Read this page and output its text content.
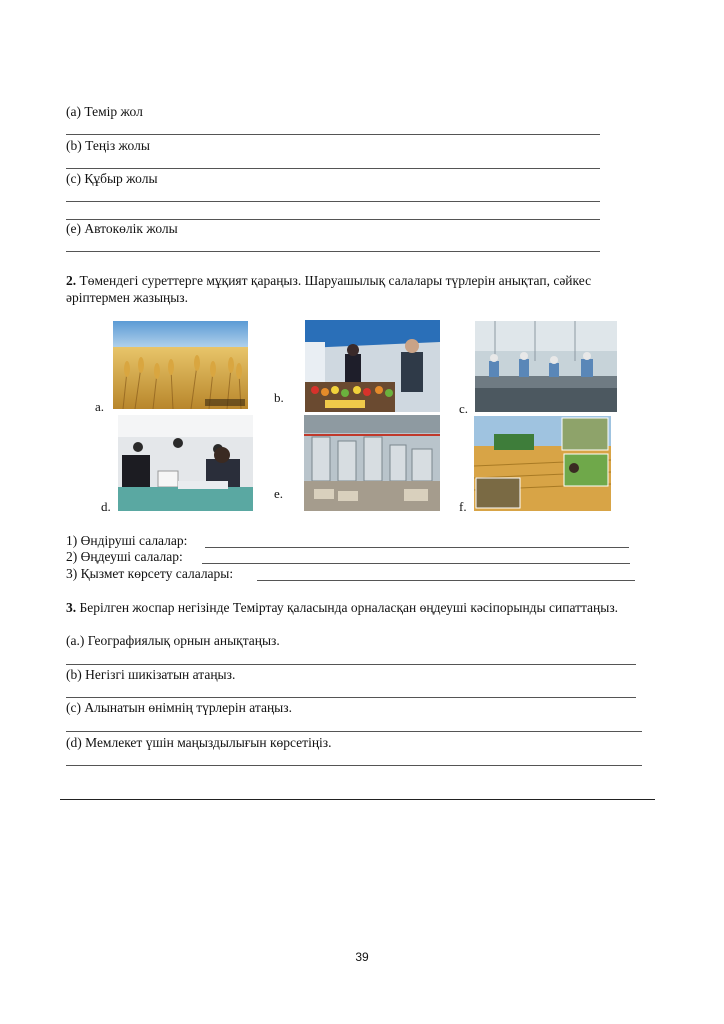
(a) Темір жол
(b) Теңіз жолы
(c) Құбыр жолы
(e) Автокөлік жолы
2. Төмендегі суреттерге мұқият қараңыз. Шаруашылық салалары түрлерін анықтап, сәйкес әріптермен жазыңыз.
a.
b.
c.
d.
e.
f.
1) Өндіруші салалар:
2) Өңдеуші салалар:
3) Қызмет көрсету салалары:
3. Берілген жоспар негізінде Теміртау қаласында орналасқан өңдеуші кәсіпорынды сипаттаңыз.
(а.) Географиялық орнын анықтаңыз.
(b) Негізгі шикізатын атаңыз.
(c) Алынатын өнімнің түрлерін атаңыз.
(d) Мемлекет үшін маңыздылығын көрсетіңіз.
39
